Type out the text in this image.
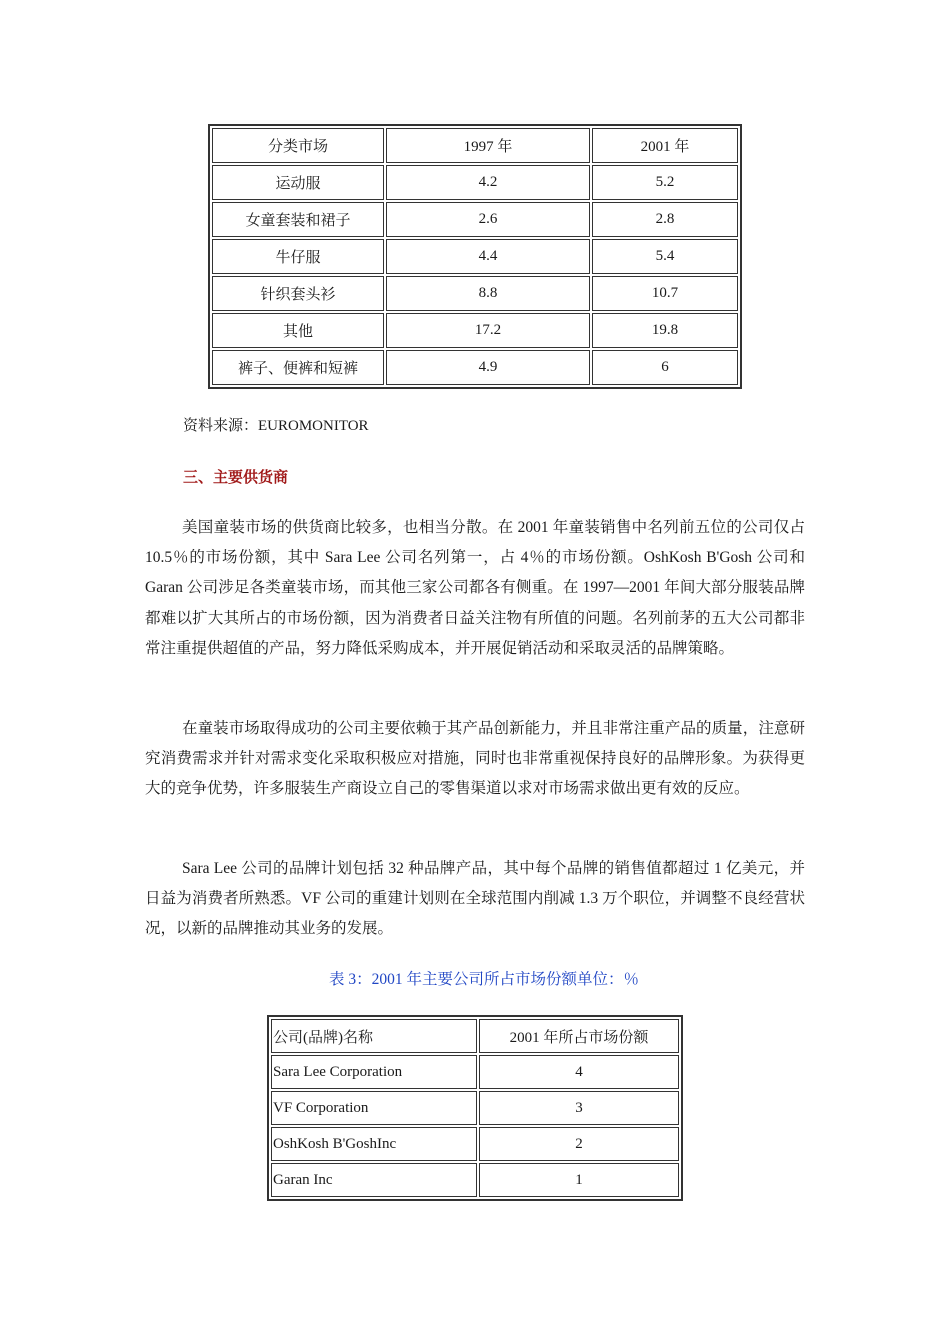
分类市场	1997 年	2001 年
运动服	4.2	5.2
女童套装和裙子	2.6	2.8
牛仔服	4.4	5.4
针织套头衫	8.8	10.7
其他	17.2	19.8
裤子、便裤和短裤	4.9	6
资料来源：EUROMONITOR
三、主要供货商

美国童装市场的供货商比较多，也相当分散。在 2001 年童装销售中名列前五位的公司仅占 10.5％的市场份额，其中 Sara Lee 公司名列第一，占 4％的市场份额。OshKosh B'Gosh 公司和 Garan 公司涉足各类童装市场，而其他三家公司都各有侧重。在 1997—2001 年间大部分服装品牌都难以扩大其所占的市场份额，因为消费者日益关注物有所值的问题。名列前茅的五大公司都非常注重提供超值的产品，努力降低采购成本，并开展促销活动和采取灵活的品牌策略。

在童装市场取得成功的公司主要依赖于其产品创新能力，并且非常注重产品的质量，注意研究消费需求并针对需求变化采取积极应对措施，同时也非常重视保持良好的品牌形象。为获得更大的竞争优势，许多服装生产商设立自己的零售渠道以求对市场需求做出更有效的反应。

Sara Lee 公司的品牌计划包括 32 种品牌产品，其中每个品牌的销售值都超过 1 亿美元，并日益为消费者所熟悉。VF 公司的重建计划则在全球范围内削减 1.3 万个职位，并调整不良经营状况，以新的品牌推动其业务的发展。

表 3：2001 年主要公司所占市场份额单位：％
公司(品牌)名称	2001 年所占市场份额
Sara Lee Corporation	4
VF Corporation	3
OshKosh B'GoshInc	2
Garan Inc	1
